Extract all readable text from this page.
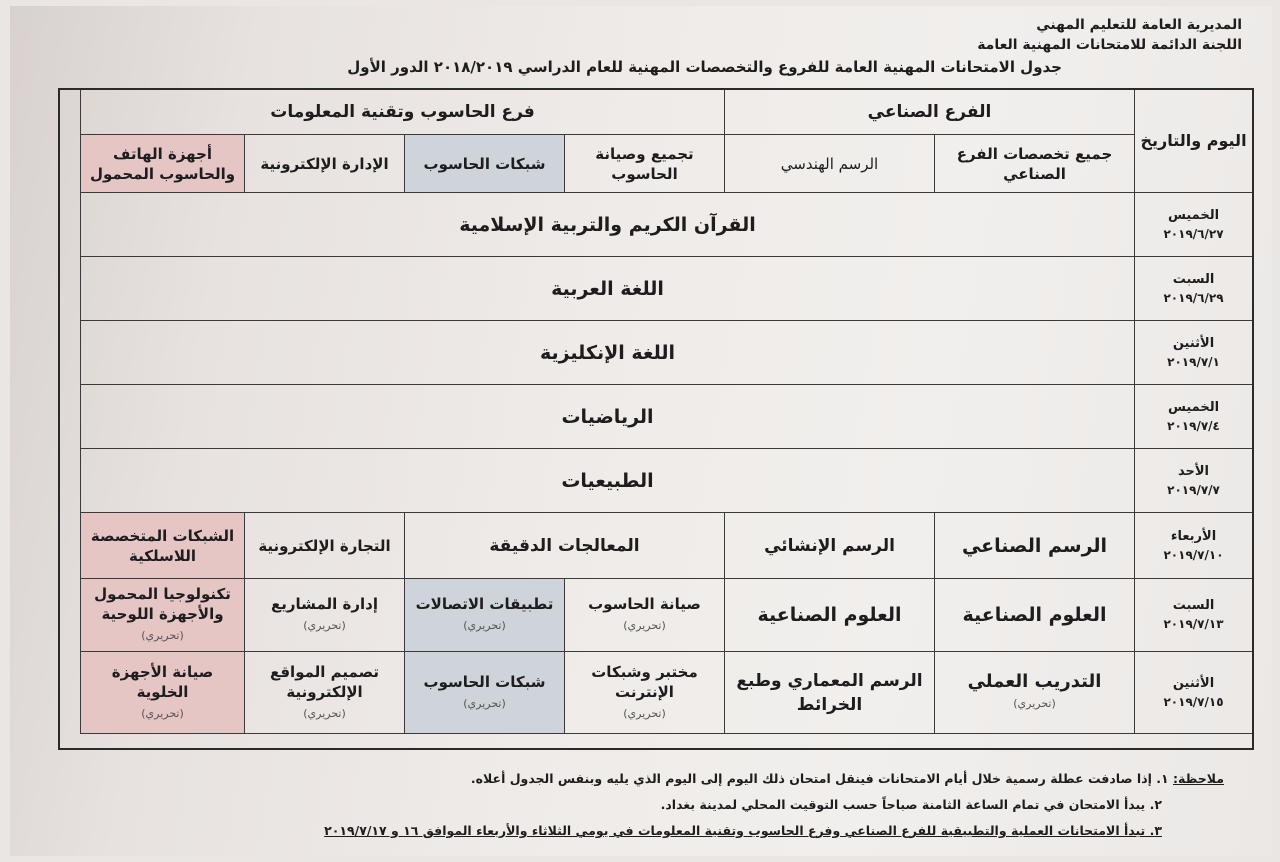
المديرية العامة للتعليم المهني
اللجنة الدائمة للامتحانات المهنية العامة
جدول الامتحانات المهنية العامة للفروع والتخصصات المهنية للعام الدراسي ٢٠١٨/٢٠١٩ الدور الأول
اليوم والتاريخ
الفرع الصناعي
فرع الحاسوب وتقنية المعلومات
جميع تخصصات الفرع الصناعي
الرسم الهندسي
تجميع وصيانة الحاسوب
شبكات الحاسوب
الإدارة الإلكترونية
أجهزة الهاتف والحاسوب المحمول
الخميس
٢٠١٩/٦/٢٧
السبت
٢٠١٩/٦/٢٩
الأثنين
٢٠١٩/٧/١
الخميس
٢٠١٩/٧/٤
الأحد
٢٠١٩/٧/٧
الأربعاء
٢٠١٩/٧/١٠
السبت
٢٠١٩/٧/١٣
الأثنين
٢٠١٩/٧/١٥
القرآن الكريم والتربية الإسلامية
اللغة العربية
اللغة الإنكليزية
الرياضيات
الطبيعيات
الرسم الصناعي
الرسم الإنشائي
المعالجات الدقيقة
التجارة الإلكترونية
الشبكات المتخصصة اللاسلكية
العلوم الصناعية
العلوم الصناعية
صيانة الحاسوب
(تحريري)
تطبيقات الاتصالات
(تحريري)
إدارة المشاريع
(تحريري)
تكنولوجيا المحمول والأجهزة اللوحية
(تحريري)
التدريب العملي
(تحريري)
الرسم المعماري وطبع الخرائط
مختبر وشبكات الإنترنت
(تحريري)
شبكات الحاسوب
(تحريري)
تصميم المواقع الإلكترونية
(تحريري)
صيانة الأجهزة الخلوية
(تحريري)
ملاحظة: ١. إذا صادفت عطلة رسمية خلال أيام الامتحانات فينقل امتحان ذلك اليوم إلى اليوم الذي يليه وبنفس الجدول أعلاه.
٢. يبدأ الامتحان في تمام الساعة الثامنة صباحاً حسب التوقيت المحلي لمدينة بغداد.
٣. تبدأ الامتحانات العملية والتطبيقية للفرع الصناعي وفرع الحاسوب وتقنية المعلومات في يومي الثلاثاء والأربعاء الموافق ١٦ و ٢٠١٩/٧/١٧
